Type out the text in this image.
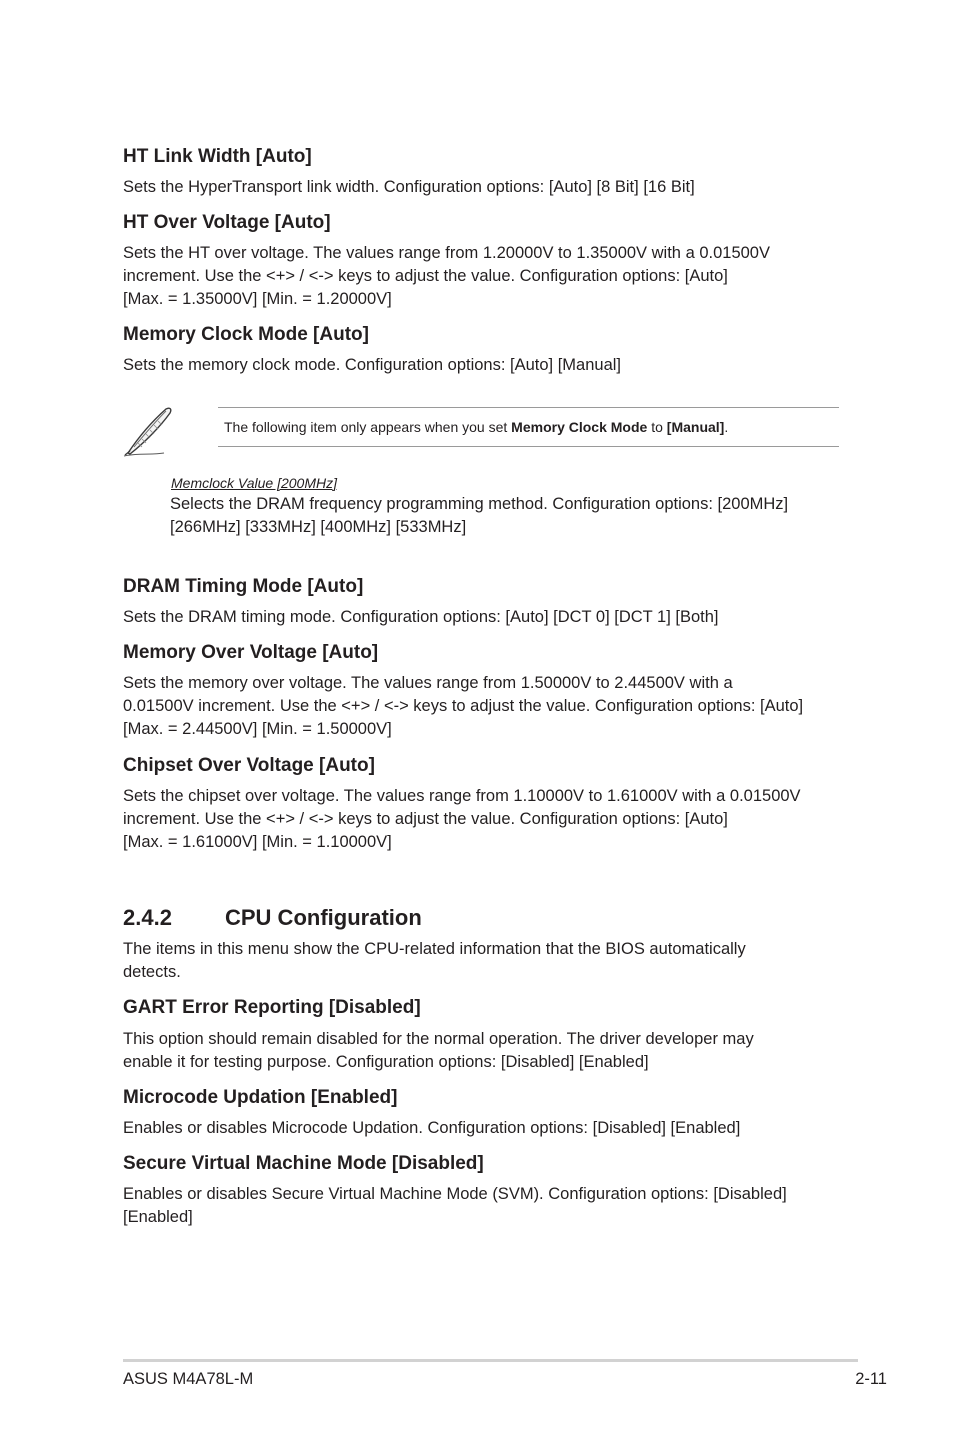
HT Link Width [Auto]

Sets the HyperTransport link width. Configuration options: [Auto] [8 Bit] [16 Bit]

HT Over Voltage [Auto]

Sets the HT over voltage. The values range from 1.20000V to 1.35000V with a 0.01500V

increment. Use the <+> / <-> keys to adjust the value. Configuration options: [Auto]

[Max. = 1.35000V] [Min. = 1.20000V]

Memory Clock Mode [Auto]

Sets the memory clock mode. Configuration options: [Auto] [Manual]

The following item only appears when you set Memory Clock Mode to [Manual].

Memclock Value [200MHz]

Selects the DRAM frequency programming method. Configuration options: [200MHz]

[266MHz] [333MHz] [400MHz] [533MHz]

DRAM Timing Mode [Auto]

Sets the DRAM timing mode. Configuration options: [Auto] [DCT 0] [DCT 1] [Both]

Memory Over Voltage [Auto]

Sets the memory over voltage. The values range from 1.50000V to 2.44500V with a

0.01500V increment. Use the <+> / <-> keys to adjust the value. Configuration options: [Auto]

[Max. = 2.44500V] [Min. = 1.50000V]

Chipset Over Voltage [Auto]

Sets the chipset over voltage. The values range from 1.10000V to 1.61000V with a 0.01500V

increment. Use the <+> / <-> keys to adjust the value. Configuration options: [Auto]

[Max. = 1.61000V] [Min. = 1.10000V]

2.4.2 CPU Configuration

The items in this menu show the CPU-related information that the BIOS automatically

detects.

GART Error Reporting [Disabled]

This option should remain disabled for the normal operation. The driver developer may

enable it for testing purpose. Configuration options: [Disabled] [Enabled]

Microcode Updation [Enabled]

Enables or disables Microcode Updation. Configuration options: [Disabled] [Enabled]

Secure Virtual Machine Mode [Disabled]

Enables or disables Secure Virtual Machine Mode (SVM). Configuration options: [Disabled]

[Enabled]

ASUS M4A78L-M	2-11
